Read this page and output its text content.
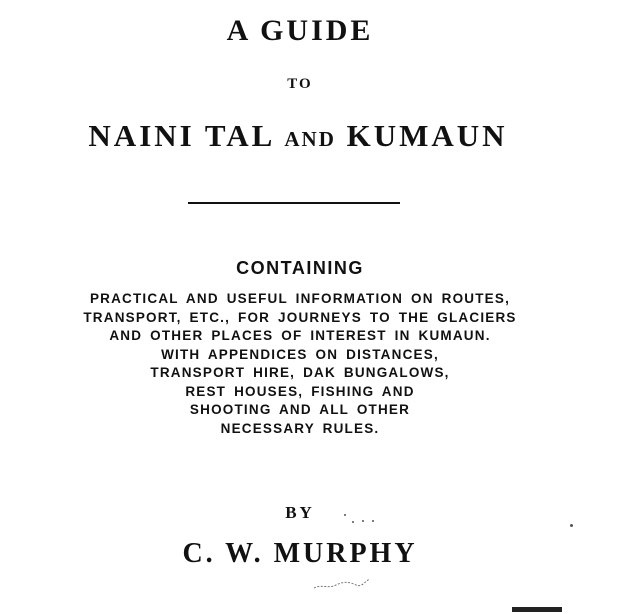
A GUIDE
TO
NAINI TAL AND KUMAUN
CONTAINING
PRACTICAL AND USEFUL INFORMATION ON ROUTES,
TRANSPORT, ETC., FOR JOURNEYS TO THE GLACIERS
AND OTHER PLACES OF INTEREST IN KUMAUN.
WITH APPENDICES ON DISTANCES,
TRANSPORT HIRE, DAK BUNGALOWS,
REST HOUSES, FISHING AND
SHOOTING AND ALL OTHER
NECESSARY RULES.
BY
C. W. MURPHY
